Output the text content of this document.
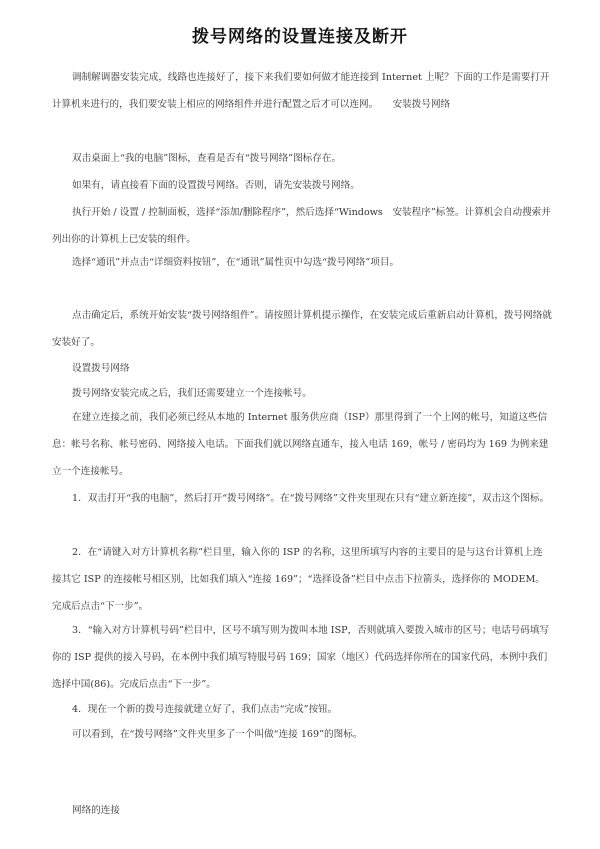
拨号网络的设置连接及断开

调制解调器安装完成，线路也连接好了，接下来我们要如何做才能连接到 Internet 上呢？下面的工作是需要打开计算机来进行的，我们要安装上相应的网络组件并进行配置之后才可以连网。　　安装拨号网络

双击桌面上“我的电脑”图标，查看是否有“拨号网络”图标存在。

如果有，请直接看下面的设置拨号网络。否则，请先安装拨号网络。

执行开始 / 设置 / 控制面板，选择“添加/删除程序”，然后选择“Windows　安装程序”标签。计算机会自动搜索并列出你的计算机上已安装的组件。

选择“通讯”并点击“详细资料按钮”，在“通讯”属性页中勾选“拨号网络”项目。

点击确定后，系统开始安装“拨号网络组件”。请按照计算机提示操作，在安装完成后重新启动计算机，拨号网络就安装好了。

设置拨号网络

拨号网络安装完成之后，我们还需要建立一个连接帐号。

在建立连接之前，我们必须已经从本地的 Internet 服务供应商（ISP）那里得到了一个上网的帐号，知道这些信息：帐号名称、帐号密码、网络接入电话。下面我们就以网络直通车，接入电话 169，帐号 / 密码均为 169 为例来建立一个连接帐号。

1．双击打开“我的电脑”，然后打开“拨号网络”。在“拨号网络”文件夹里现在只有“建立新连接”，双击这个图标。

2．在“请键入对方计算机名称”栏目里，输入你的 ISP 的名称，这里所填写内容的主要目的是与这台计算机上连接其它 ISP 的连接帐号相区别，比如我们填入“连接 169”；“选择设备”栏目中点击下拉箭头，选择你的 MODEM。完成后点击“下一步”。

3．“输入对方计算机号码”栏目中，区号不填写则为拨叫本地 ISP，否则就填入要拨入城市的区号；电话号码填写你的 ISP 提供的接入号码，在本例中我们填写特服号码 169；国家（地区）代码选择你所在的国家代码，本例中我们选择中国(86)。完成后点击“下一步”。

4．现在一个新的拨号连接就建立好了，我们点击“完成”按钮。

可以看到，在“拨号网络”文件夹里多了一个叫做“连接 169”的图标。

网络的连接
